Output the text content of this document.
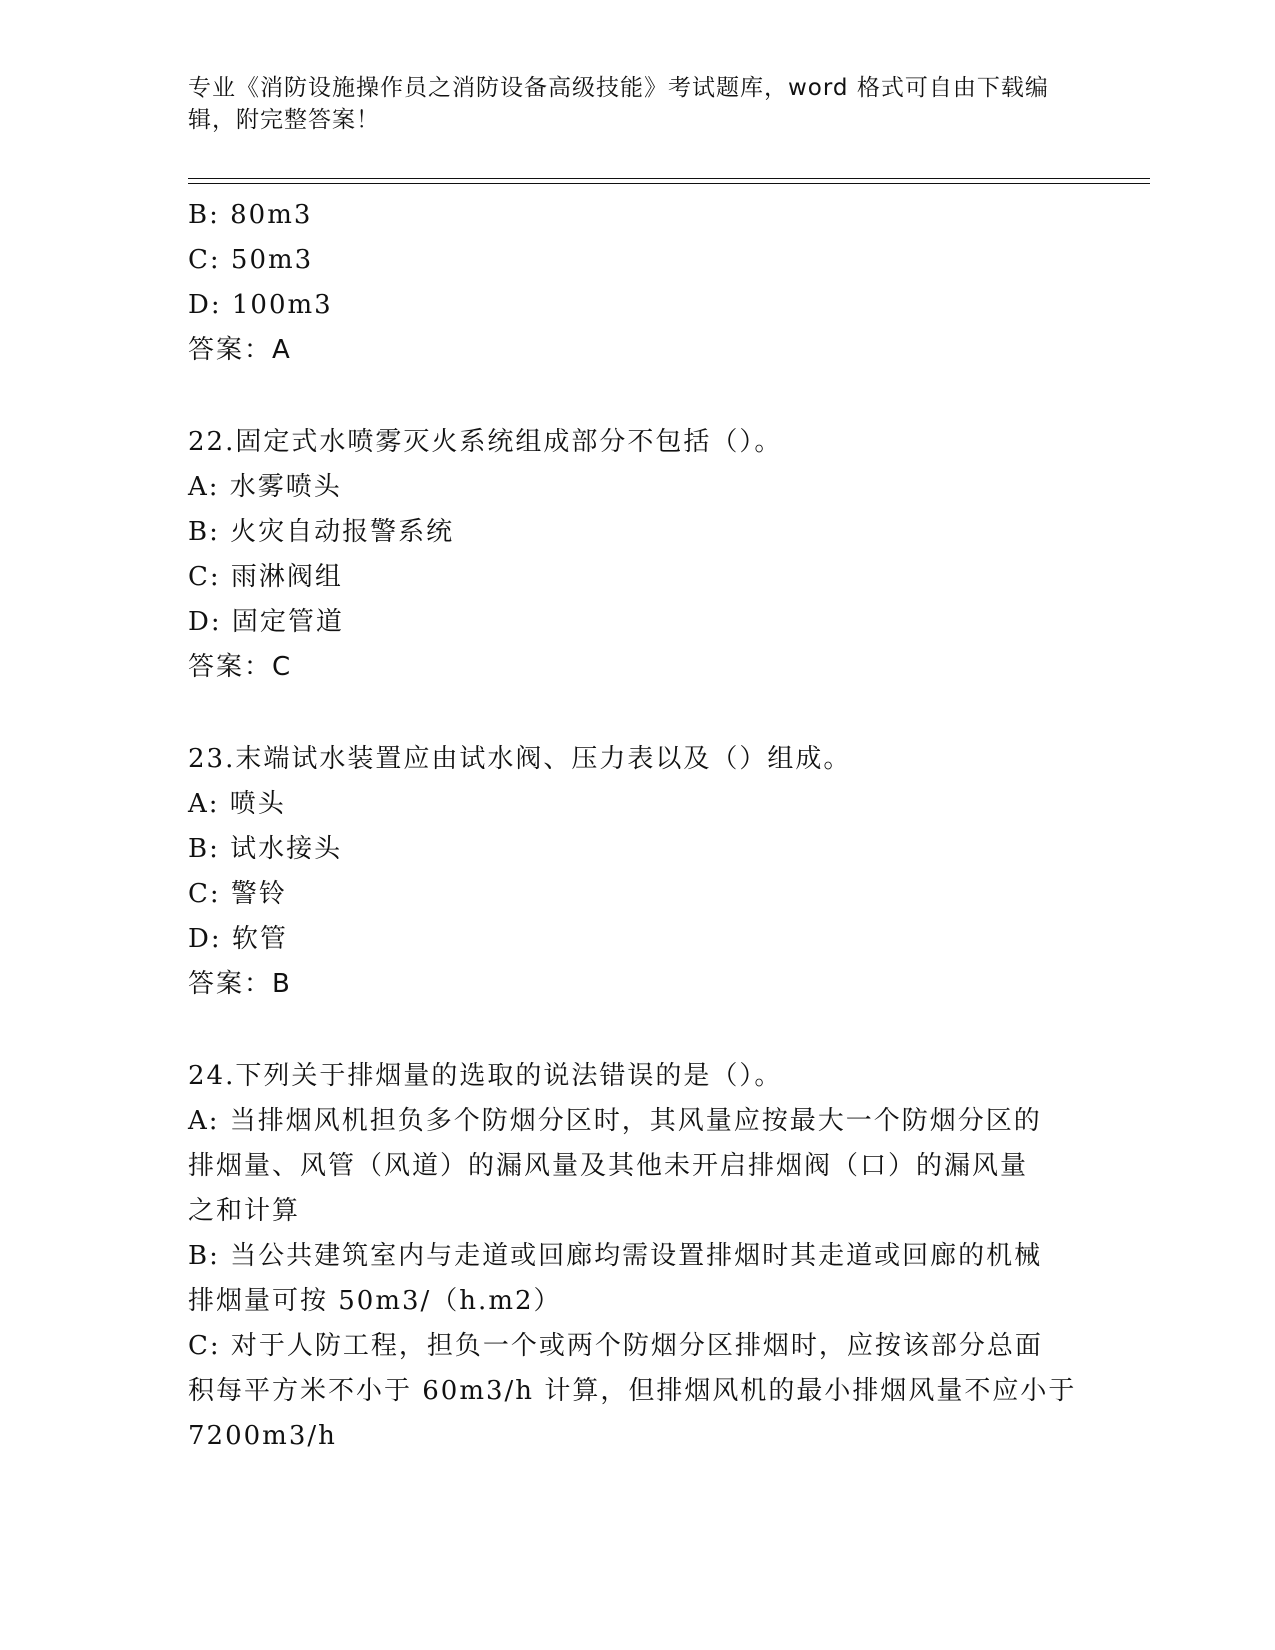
专业《消防设施操作员之消防设备高级技能》考试题库，word 格式可自由下载编
辑，附完整答案！
B: 80m3
C: 50m3
D: 100m3
答案：A
22.固定式水喷雾灭火系统组成部分不包括（）。
A: 水雾喷头
B: 火灾自动报警系统
C: 雨淋阀组
D: 固定管道
答案：C
23.末端试水装置应由试水阀、压力表以及（）组成。
A: 喷头
B: 试水接头
C: 警铃
D: 软管
答案：B
24.下列关于排烟量的选取的说法错误的是（）。
A: 当排烟风机担负多个防烟分区时，其风量应按最大一个防烟分区的
排烟量、风管（风道）的漏风量及其他未开启排烟阀（口）的漏风量
之和计算
B: 当公共建筑室内与走道或回廊均需设置排烟时其走道或回廊的机械
排烟量可按 50m3/（h.m2）
C: 对于人防工程，担负一个或两个防烟分区排烟时，应按该部分总面
积每平方米不小于 60m3/h 计算，但排烟风机的最小排烟风量不应小于
7200m3/h
